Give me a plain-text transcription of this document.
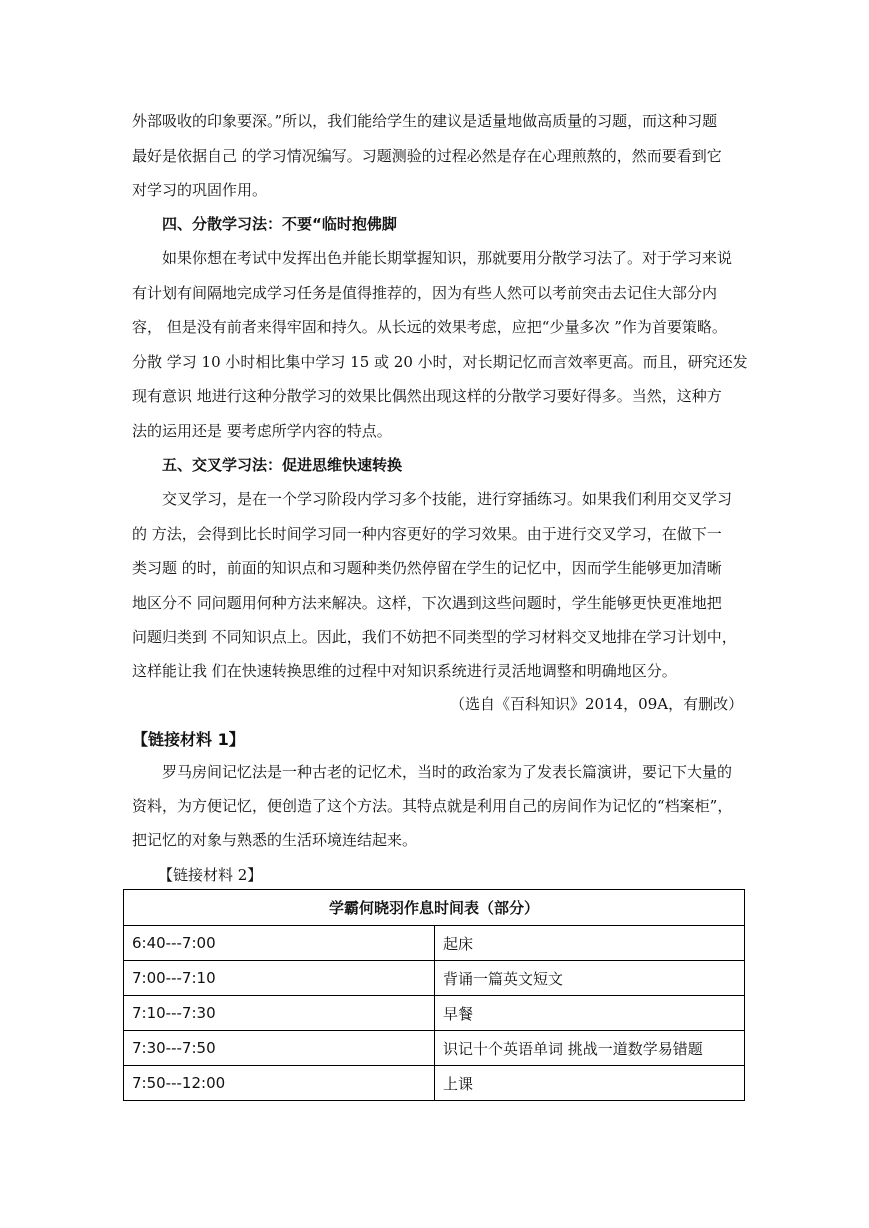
外部吸收的印象要深。”所以，我们能给学生的建议是适量地做高质量的习题，而这种习题
最好是依据自己 的学习情况编写。习题测验的过程必然是存在心理煎熬的，然而要看到它
对学习的巩固作用。
四、分散学习法：不要“临时抱佛脚
如果你想在考试中发挥出色并能长期掌握知识，那就要用分散学习法了。对于学习来说
有计划有间隔地完成学习任务是值得推荐的，因为有些人然可以考前突击去记住大部分内
容， 但是没有前者来得牢固和持久。从长远的效果考虑，应把“少量多次 ”作为首要策略。
分散 学习 10 小时相比集中学习 15 或 20 小时，对长期记忆而言效率更高。而且，研究还发
现有意识 地进行这种分散学习的效果比偶然出现这样的分散学习要好得多。当然，这种方
法的运用还是 要考虑所学内容的特点。
五、交叉学习法：促进思维快速转换
交叉学习，是在一个学习阶段内学习多个技能，进行穿插练习。如果我们利用交叉学习
的 方法，会得到比长时间学习同一种内容更好的学习效果。由于进行交叉学习，在做下一
类习题 的时，前面的知识点和习题种类仍然停留在学生的记忆中，因而学生能够更加清晰
地区分不 同问题用何种方法来解决。这样，下次遇到这些问题时，学生能够更快更准地把
问题归类到 不同知识点上。因此，我们不妨把不同类型的学习材料交叉地排在学习计划中，
这样能让我 们在快速转换思维的过程中对知识系统进行灵活地调整和明确地区分。
（选自《百科知识》2014，09A，有删改）
【链接材料 1】
罗马房间记忆法是一种古老的记忆术，当时的政治家为了发表长篇演讲，要记下大量的
资料，为方便记忆，便创造了这个方法。其特点就是利用自己的房间作为记忆的“档案柜”，
把记忆的对象与熟悉的生活环境连结起来。
【链接材料 2】
学霸何晓羽作息时间表（部分）	
6:40---7:00	起床
7:00---7:10	背诵一篇英文短文
7:10---7:30	早餐
7:30---7:50	识记十个英语单词 挑战一道数学易错题
7:50---12:00	上课
